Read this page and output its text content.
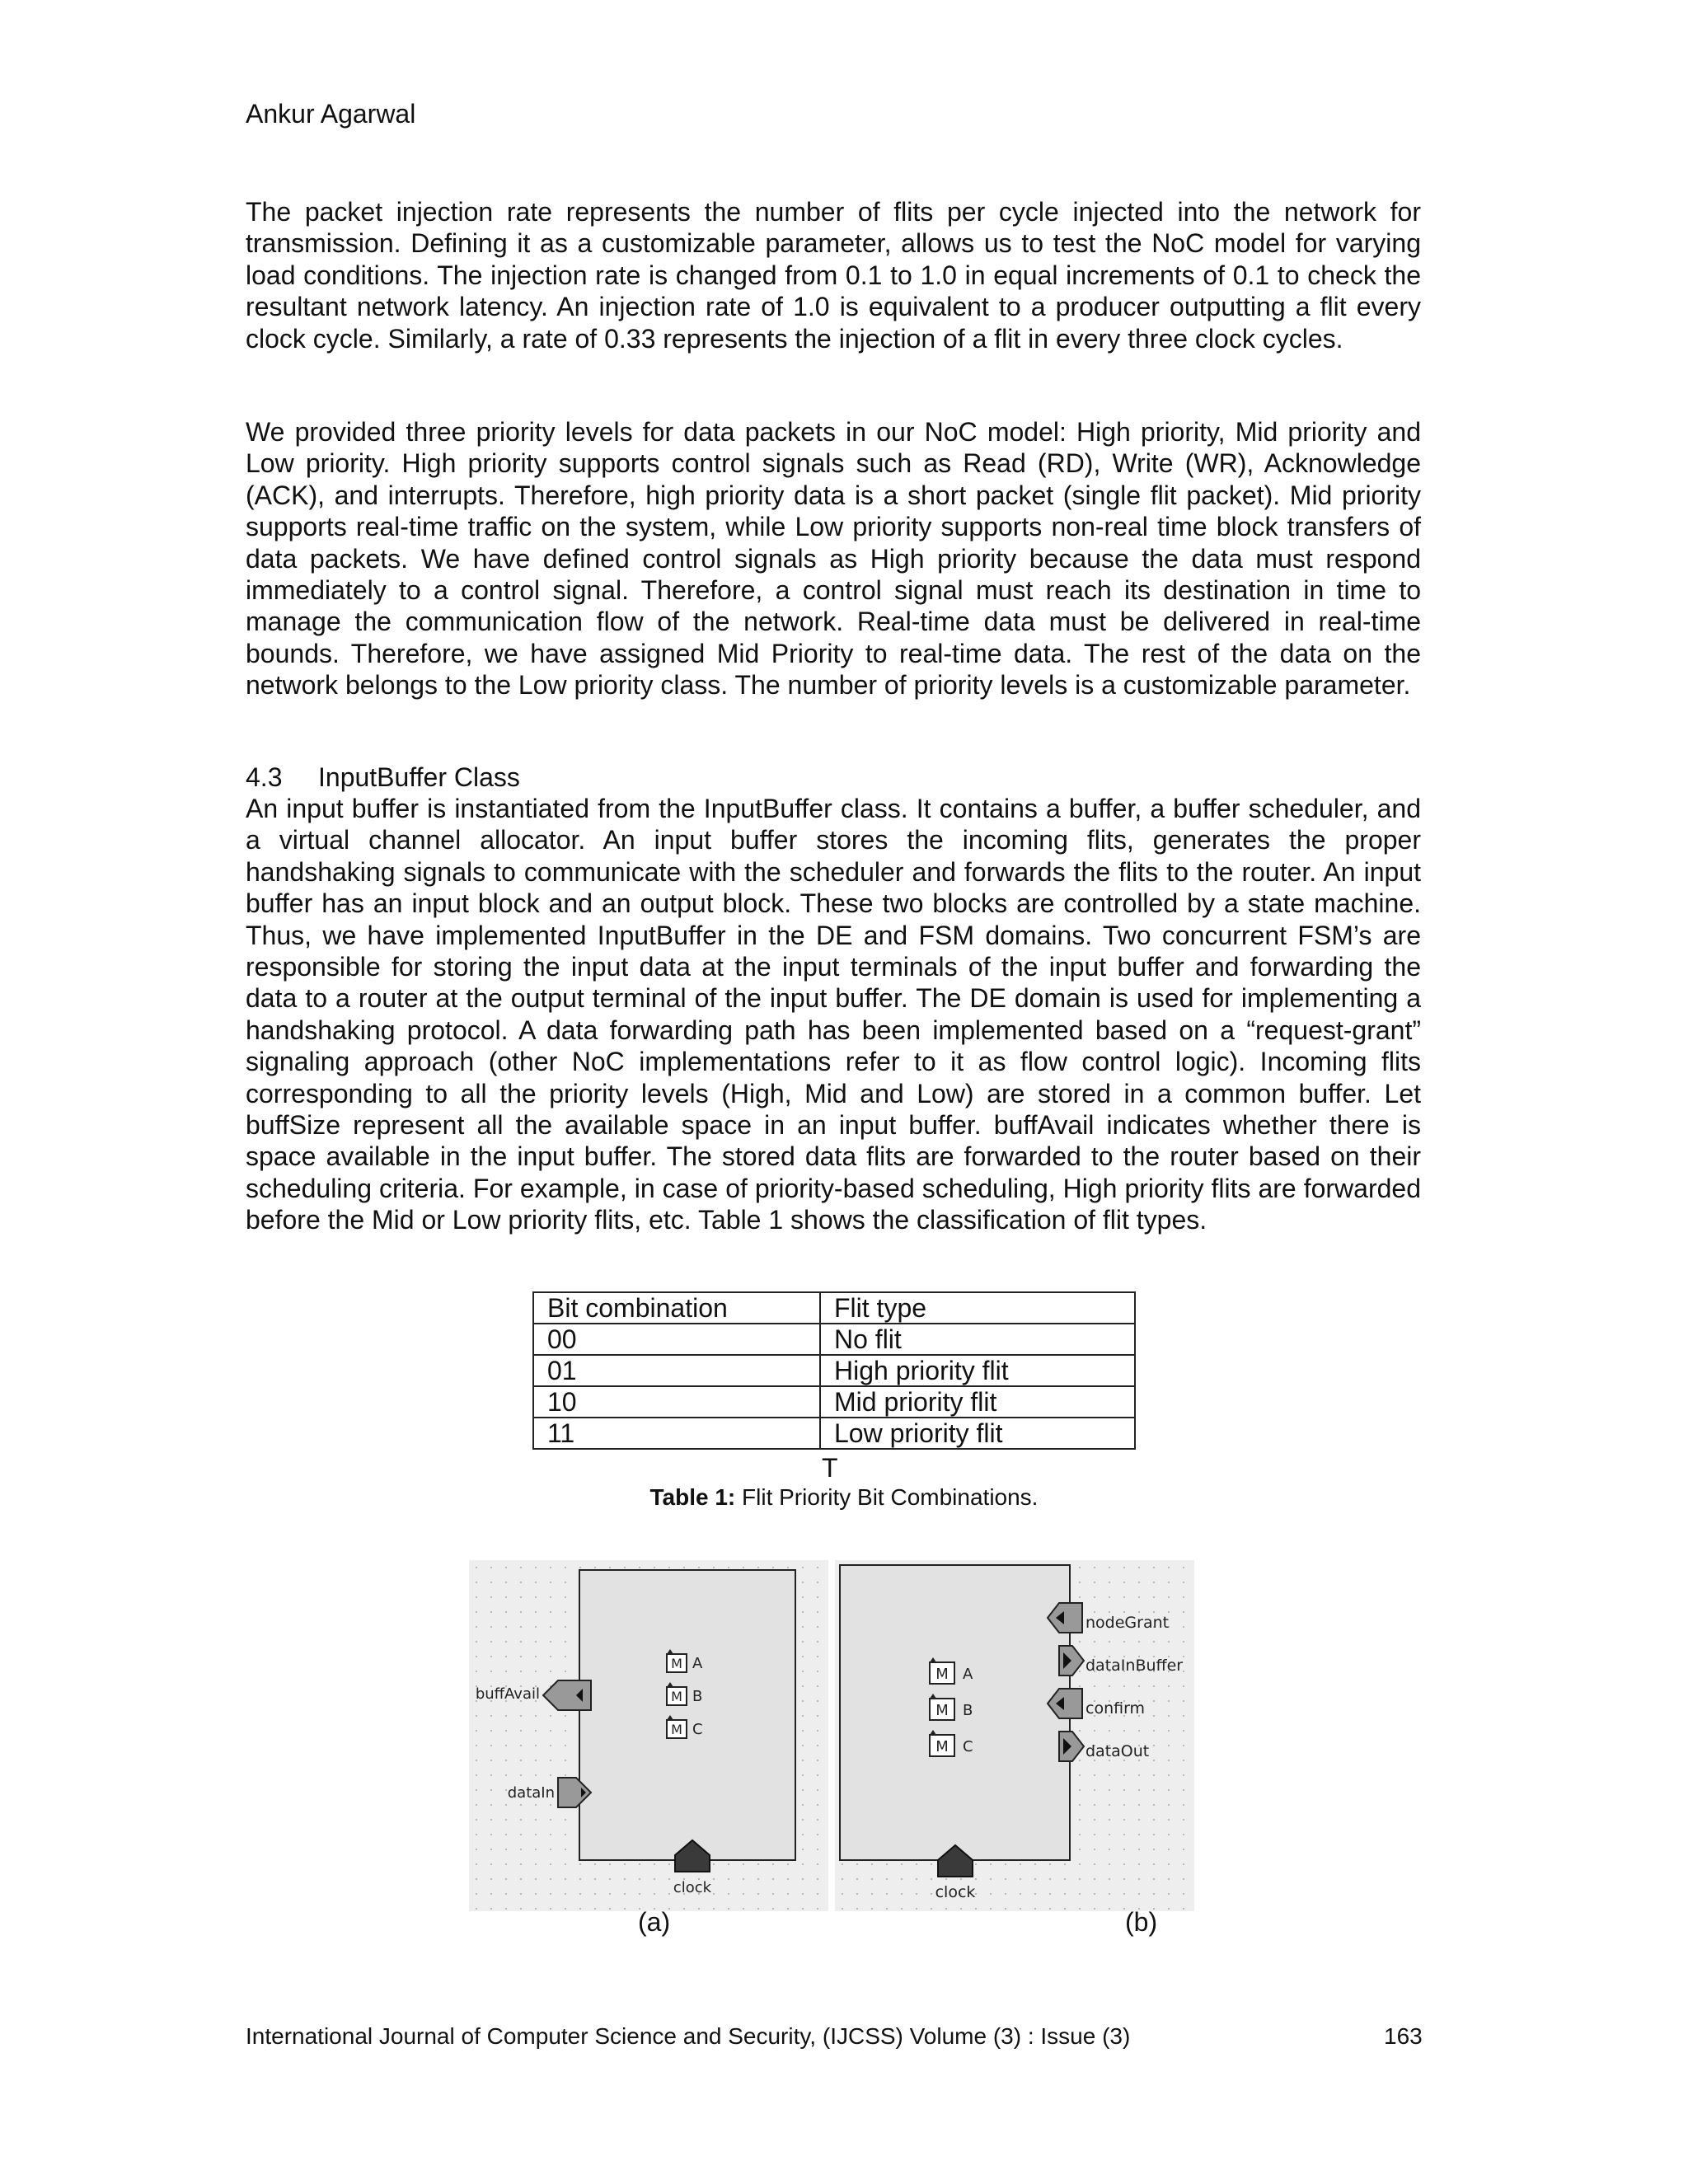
Ankur Agarwal

The packet injection rate represents the number of flits per cycle injected into the network for transmission. Defining it as a customizable parameter, allows us to test the NoC model for varying load conditions. The injection rate is changed from 0.1 to 1.0 in equal increments of 0.1 to check the resultant network latency. An injection rate of 1.0 is equivalent to a producer outputting a flit every clock cycle. Similarly, a rate of 0.33 represents the injection of a flit in every three clock cycles.

We provided three priority levels for data packets in our NoC model: High priority, Mid priority and Low priority. High priority supports control signals such as Read (RD), Write (WR), Acknowledge (ACK), and interrupts. Therefore, high priority data is a short packet (single flit packet). Mid priority supports real-time traffic on the system, while Low priority supports non-real time block transfers of data packets. We have defined control signals as High priority because the data must respond immediately to a control signal. Therefore, a control signal must reach its destination in time to manage the communication flow of the network. Real-time data must be delivered in real-time bounds. Therefore, we have assigned Mid Priority to real-time data. The rest of the data on the network belongs to the Low priority class. The number of priority levels is a customizable parameter.

4.3 InputBuffer Class

An input buffer is instantiated from the InputBuffer class. It contains a buffer, a buffer scheduler, and a virtual channel allocator. An input buffer stores the incoming flits, generates the proper handshaking signals to communicate with the scheduler and forwards the flits to the router. An input buffer has an input block and an output block. These two blocks are controlled by a state machine. Thus, we have implemented InputBuffer in the DE and FSM domains. Two concurrent FSM’s are responsible for storing the input data at the input terminals of the input buffer and forwarding the data to a router at the output terminal of the input buffer. The DE domain is used for implementing a handshaking protocol. A data forwarding path has been implemented based on a “request-grant” signaling approach (other NoC implementations refer to it as flow control logic). Incoming flits corresponding to all the priority levels (High, Mid and Low) are stored in a common buffer. Let buffSize represent all the available space in an input buffer. buffAvail indicates whether there is space available in the input buffer. The stored data flits are forwarded to the router based on their scheduling criteria. For example, in case of priority-based scheduling, High priority flits are forwarded before the Mid or Low priority flits, etc. Table 1 shows the classification of flit types.

Bit combination	Flit type
00	No flit
01	High priority flit
10	Mid priority flit
11	Low priority flit
T
Table 1: Flit Priority Bit Combinations.
M A
M B
M C
buffAvail
dataIn
clock
M A
M B
M C
nodeGrant
dataInBuffer
confirm
dataOut
clock
(a)	(b)
International Journal of Computer Science and Security, (IJCSS) Volume (3) : Issue (3)	163
